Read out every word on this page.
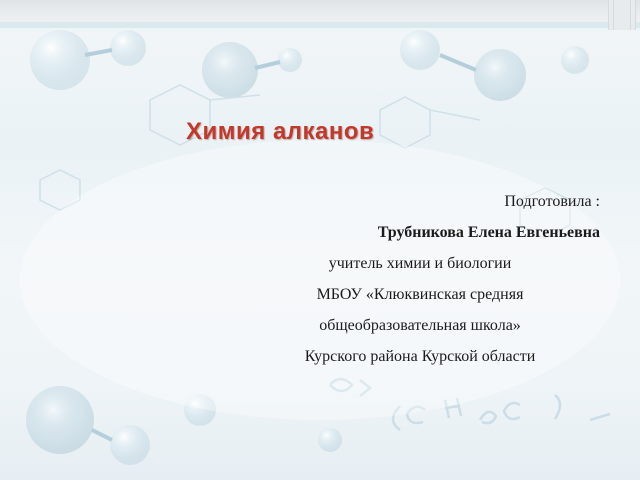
Химия алканов
Подготовила :
Трубникова Елена Евгеньевна
учитель химии и биологии
МБОУ «Клюквинская средняя
общеобразовательная школа»
Курского района Курской области
